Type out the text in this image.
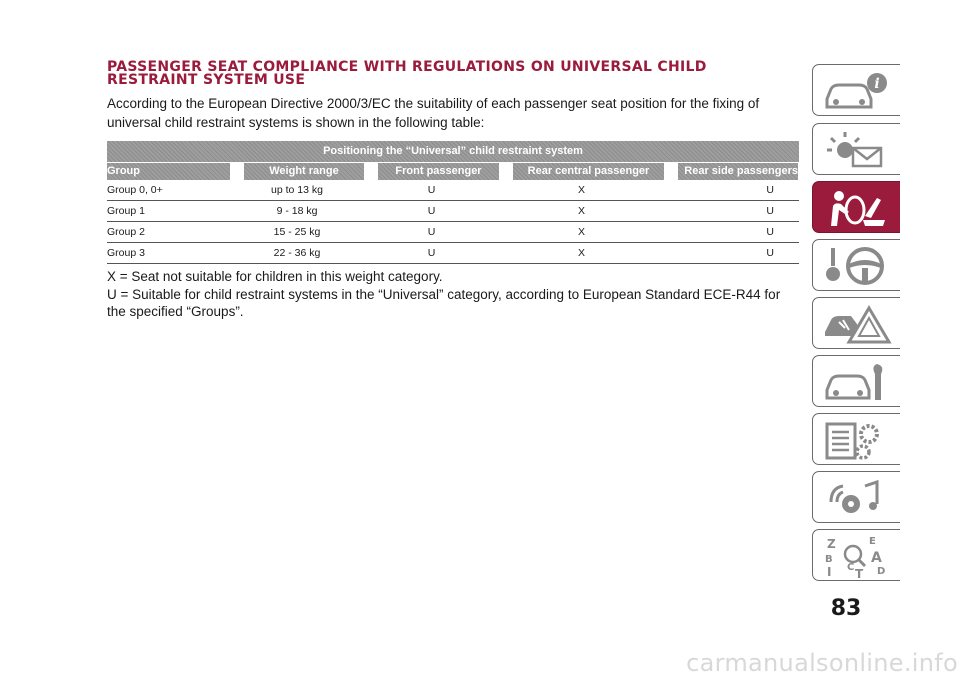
PASSENGER SEAT COMPLIANCE WITH REGULATIONS ON UNIVERSAL CHILD
RESTRAINT SYSTEM USE
According to the European Directive 2000/3/EC the suitability of each passenger seat position for the fixing of universal child restraint systems is shown in the following table:
Positioning the “Universal” child restraint system
Group	Weight range	Front passenger	Rear central passenger	Rear side passengers
Group 0, 0+	up to 13 kg	U	X	U
Group 1	9 - 18 kg	U	X	U
Group 2	15 - 25 kg	U	X	U
Group 3	22 - 36 kg	U	X	U

X = Seat not suitable for children in this weight category.

U = Suitable for child restraint systems in the “Universal” category, according to European Standard ECE-R44 for the specified “Groups”.

i
Z	E
B	A
I C T D
83
carmanualsonline.info
